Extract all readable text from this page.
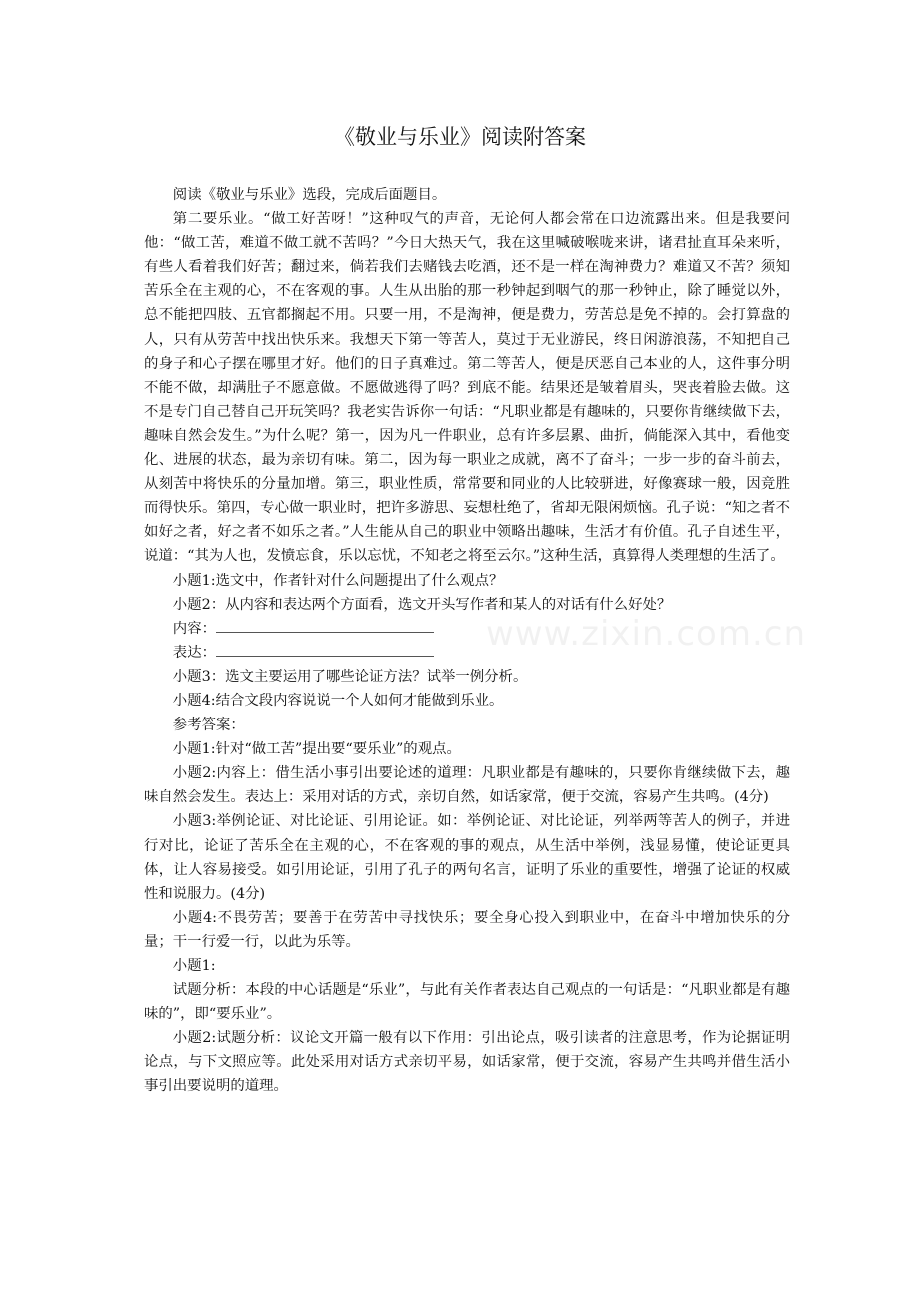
《敬业与乐业》阅读附答案

阅读《敬业与乐业》选段，完成后面题目。

第二要乐业。“做工好苦呀！”这种叹气的声音，无论何人都会常在口边流露出来。但是我要问他：“做工苦，难道不做工就不苦吗？”今日大热天气，我在这里喊破喉咙来讲，诸君扯直耳朵来听，有些人看着我们好苦；翻过来，倘若我们去赌钱去吃酒，还不是一样在淘神费力？难道又不苦？须知苦乐全在主观的心，不在客观的事。人生从出胎的那一秒钟起到咽气的那一秒钟止，除了睡觉以外，总不能把四肢、五官都搁起不用。只要一用，不是淘神，便是费力，劳苦总是免不掉的。会打算盘的人，只有从劳苦中找出快乐来。我想天下第一等苦人，莫过于无业游民，终日闲游浪荡，不知把自己的身子和心子摆在哪里才好。他们的日子真难过。第二等苦人，便是厌恶自己本业的人，这件事分明不能不做，却满肚子不愿意做。不愿做逃得了吗？到底不能。结果还是皱着眉头，哭丧着脸去做。这不是专门自己替自己开玩笑吗？我老实告诉你一句话：“凡职业都是有趣味的，只要你肯继续做下去，趣味自然会发生。”为什么呢？第一，因为凡一件职业，总有许多层累、曲折，倘能深入其中，看他变化、进展的状态，最为亲切有味。第二，因为每一职业之成就，离不了奋斗；一步一步的奋斗前去，从刻苦中将快乐的分量加增。第三，职业性质，常常要和同业的人比较骈进，好像赛球一般，因竞胜而得快乐。第四，专心做一职业时，把许多游思、妄想杜绝了，省却无限闲烦恼。孔子说：“知之者不如好之者，好之者不如乐之者。”人生能从自己的职业中领略出趣味，生活才有价值。孔子自述生平，说道：“其为人也，发愤忘食，乐以忘忧，不知老之将至云尔。”这种生活，真算得人类理想的生活了。

小题1:选文中，作者针对什么问题提出了什么观点？

小题2：从内容和表达两个方面看，选文开头写作者和某人的对话有什么好处？

内容：

表达：

小题3：选文主要运用了哪些论证方法？试举一例分析。

小题4:结合文段内容说说一个人如何才能做到乐业。

参考答案：

小题1:针对“做工苦”提出要“要乐业”的观点。

小题2:内容上：借生活小事引出要论述的道理：凡职业都是有趣味的，只要你肯继续做下去，趣味自然会发生。表达上：采用对话的方式，亲切自然，如话家常，便于交流，容易产生共鸣。(4分)

小题3:举例论证、对比论证、引用论证。如：举例论证、对比论证，列举两等苦人的例子，并进行对比，论证了苦乐全在主观的心，不在客观的事的观点，从生活中举例，浅显易懂，使论证更具体，让人容易接受。如引用论证，引用了孔子的两句名言，证明了乐业的重要性，增强了论证的权威性和说服力。(4分)

小题4:不畏劳苦；要善于在劳苦中寻找快乐；要全身心投入到职业中，在奋斗中增加快乐的分量；干一行爱一行，以此为乐等。

小题1:

试题分析：本段的中心话题是“乐业”，与此有关作者表达自己观点的一句话是：“凡职业都是有趣味的”，即“要乐业”。

小题2:试题分析：议论文开篇一般有以下作用：引出论点，吸引读者的注意思考，作为论据证明论点，与下文照应等。此处采用对话方式亲切平易，如话家常，便于交流，容易产生共鸣并借生活小事引出要说明的道理。

www.zixin.com.cn
